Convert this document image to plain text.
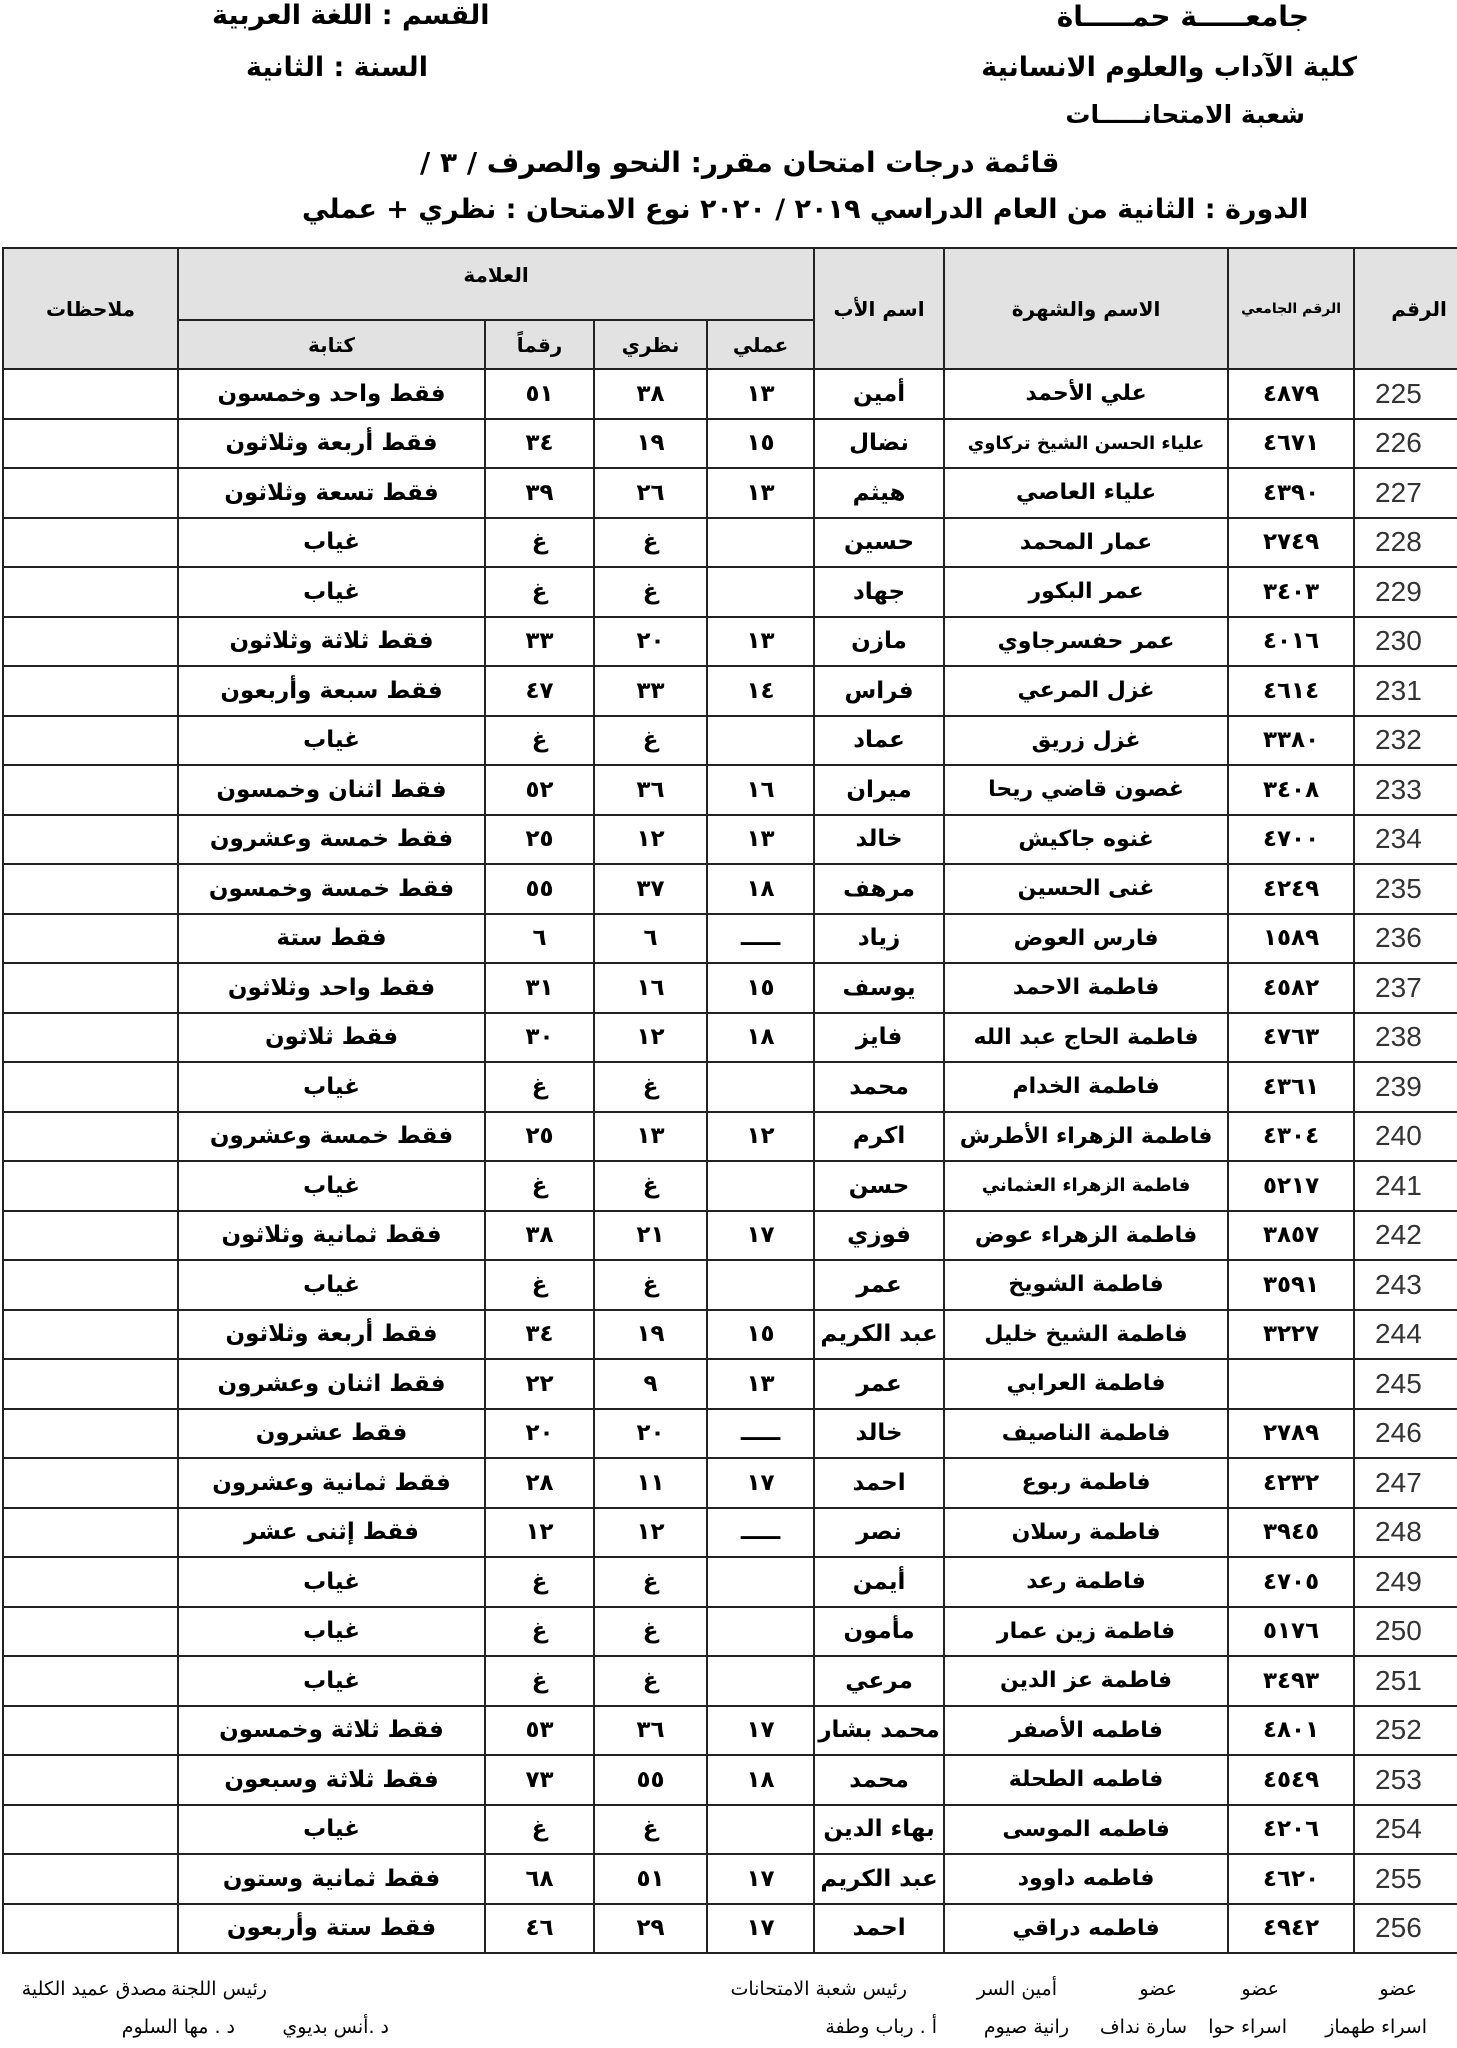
جامعـــــة حمـــــاة
كلية الآداب والعلوم الانسانية
شعبة الامتحانـــــات
القسم : اللغة العربية
السنة : الثانية
قائمة درجات امتحان مقرر: النحو والصرف / ٣ /
الدورة : الثانية من العام الدراسي ٢٠١٩ / ٢٠٢٠ نوع الامتحان : نظري + عملي
الرقم	الرقم الجامعي	الاسم والشهرة	اسم الأب	العلامة				ملاحظات
				عملي	نظري	رقماً	كتابة	
225	٤٨٧٩	علي الأحمد	أمين	١٣	٣٨	٥١	فقط واحد وخمسون	
226	٤٦٧١	علياء الحسن الشيخ تركاوي	نضال	١٥	١٩	٣٤	فقط أربعة وثلاثون	
227	٤٣٩٠	علياء العاصي	هيثم	١٣	٢٦	٣٩	فقط تسعة وثلاثون	
228	٢٧٤٩	عمار المحمد	حسين		غ	غ	غياب	
229	٣٤٠٣	عمر البكور	جهاد		غ	غ	غياب	
230	٤٠١٦	عمر حفسرجاوي	مازن	١٣	٢٠	٣٣	فقط ثلاثة وثلاثون	
231	٤٦١٤	غزل المرعي	فراس	١٤	٣٣	٤٧	فقط سبعة وأربعون	
232	٣٣٨٠	غزل زريق	عماد		غ	غ	غياب	
233	٣٤٠٨	غصون قاضي ريحا	ميران	١٦	٣٦	٥٢	فقط اثنان وخمسون	
234	٤٧٠٠	غنوه جاكيش	خالد	١٣	١٢	٢٥	فقط خمسة وعشرون	
235	٤٢٤٩	غنى الحسين	مرهف	١٨	٣٧	٥٥	فقط خمسة وخمسون	
236	١٥٨٩	فارس العوض	زياد	ـــــ	٦	٦	فقط ستة	
237	٤٥٨٢	فاطمة الاحمد	يوسف	١٥	١٦	٣١	فقط واحد وثلاثون	
238	٤٧٦٣	فاطمة الحاج عبد الله	فايز	١٨	١٢	٣٠	فقط ثلاثون	
239	٤٣٦١	فاطمة الخدام	محمد		غ	غ	غياب	
240	٤٣٠٤	فاطمة الزهراء الأطرش	اكرم	١٢	١٣	٢٥	فقط خمسة وعشرون	
241	٥٢١٧	فاطمة الزهراء العثماني	حسن		غ	غ	غياب	
242	٣٨٥٧	فاطمة الزهراء عوض	فوزي	١٧	٢١	٣٨	فقط ثمانية وثلاثون	
243	٣٥٩١	فاطمة الشويخ	عمر		غ	غ	غياب	
244	٣٢٢٧	فاطمة الشيخ خليل	عبد الكريم	١٥	١٩	٣٤	فقط أربعة وثلاثون	
245		فاطمة العرابي	عمر	١٣	٩	٢٢	فقط اثنان وعشرون	
246	٢٧٨٩	فاطمة الناصيف	خالد	ـــــ	٢٠	٢٠	فقط عشرون	
247	٤٢٣٢	فاطمة ربوع	احمد	١٧	١١	٢٨	فقط ثمانية وعشرون	
248	٣٩٤٥	فاطمة رسلان	نصر	ـــــ	١٢	١٢	فقط إثنى عشر	
249	٤٧٠٥	فاطمة رعد	أيمن		غ	غ	غياب	
250	٥١٧٦	فاطمة زين عمار	مأمون		غ	غ	غياب	
251	٣٤٩٣	فاطمة عز الدين	مرعي		غ	غ	غياب	
252	٤٨٠١	فاطمه الأصفر	محمد بشار	١٧	٣٦	٥٣	فقط ثلاثة وخمسون	
253	٤٥٤٩	فاطمه الطحلة	محمد	١٨	٥٥	٧٣	فقط ثلاثة وسبعون	
254	٤٢٠٦	فاطمه الموسى	بهاء الدين		غ	غ	غياب	
255	٤٦٢٠	فاطمه داوود	عبد الكريم	١٧	٥١	٦٨	فقط ثمانية وستون	
256	٤٩٤٢	فاطمه دراقي	احمد	١٧	٢٩	٤٦	فقط ستة وأربعون	
عضو
عضو
عضو
أمين السر
رئيس شعبة الامتحانات
رئيس اللجنة
مصدق عميد الكلية
اسراء طهماز
اسراء حوا
سارة نداف
رانية صيوم
أ . رباب وطفة
د .أنس بديوي
د . مها السلوم
